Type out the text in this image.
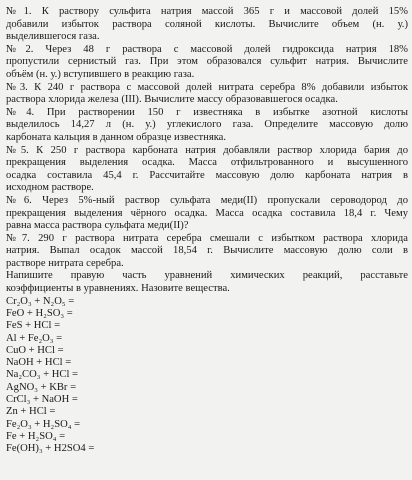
№1. К раствору сульфита натрия массой 365 г и массовой долей 15%
добавили избыток раствора соляной кислоты. Вычислите объем (н. у.)
выделившегося газа.

№2. Через 48 г раствора с массовой долей гидроксида натрия 18%
пропустили сернистый газ. При этом образовался сульфит натрия. Вычислите
объём (н. у.) вступившего в реакцию газа.

№3. К 240 г раствора с массовой долей нитрата серебра 8% добавили избыток
раствора хлорида железа (III). Вычислите массу образовавшегося осадка.

№4. При растворении 150 г известняка в избытке азотной кислоты
выделилось 14,27 л (н. у.) углекислого газа. Определите массовую долю
карбоната кальция в данном образце известняка.

№5. К 250 г раствора карбоната натрия добавляли раствор хлорида бария до
прекращения выделения осадка. Масса отфильтрованного и высушенного
осадка составила 45,4 г. Рассчитайте массовую долю карбоната натрия в
исходном растворе.

№6. Через 5%-ный раствор сульфата меди(II) пропускали сероводород до
прекращения выделения чёрного осадка. Масса осадка составила 18,4 г. Чему
равна масса раствора сульфата меди(II)?

№7. 290 г раствора нитрата серебра смешали с избытком раствора хлорида
натрия. Выпал осадок массой 18,54 г. Вычислите массовую долю соли в
растворе нитрата серебра.

Напишите правую часть уравнений химических реакций, расставьте
коэффициенты в уравнениях. Назовите вещества.

Cr₂O₃ + N₂O₅ =
FeO + H₂SO₃ =
FeS + HCl =
Al + Fe₂O₃ =
CuO + HCl =
NaOH + HCl =
Na₂CO₃ + HCl =
AgNO₃ + KBr =
CrCl₃ + NaOH =
Zn + HCl =
Fe₂O₃ + H₂SO₄ =
Fe + H₂SO₄ =
Fe(OH)₃ + H2SO4 =
